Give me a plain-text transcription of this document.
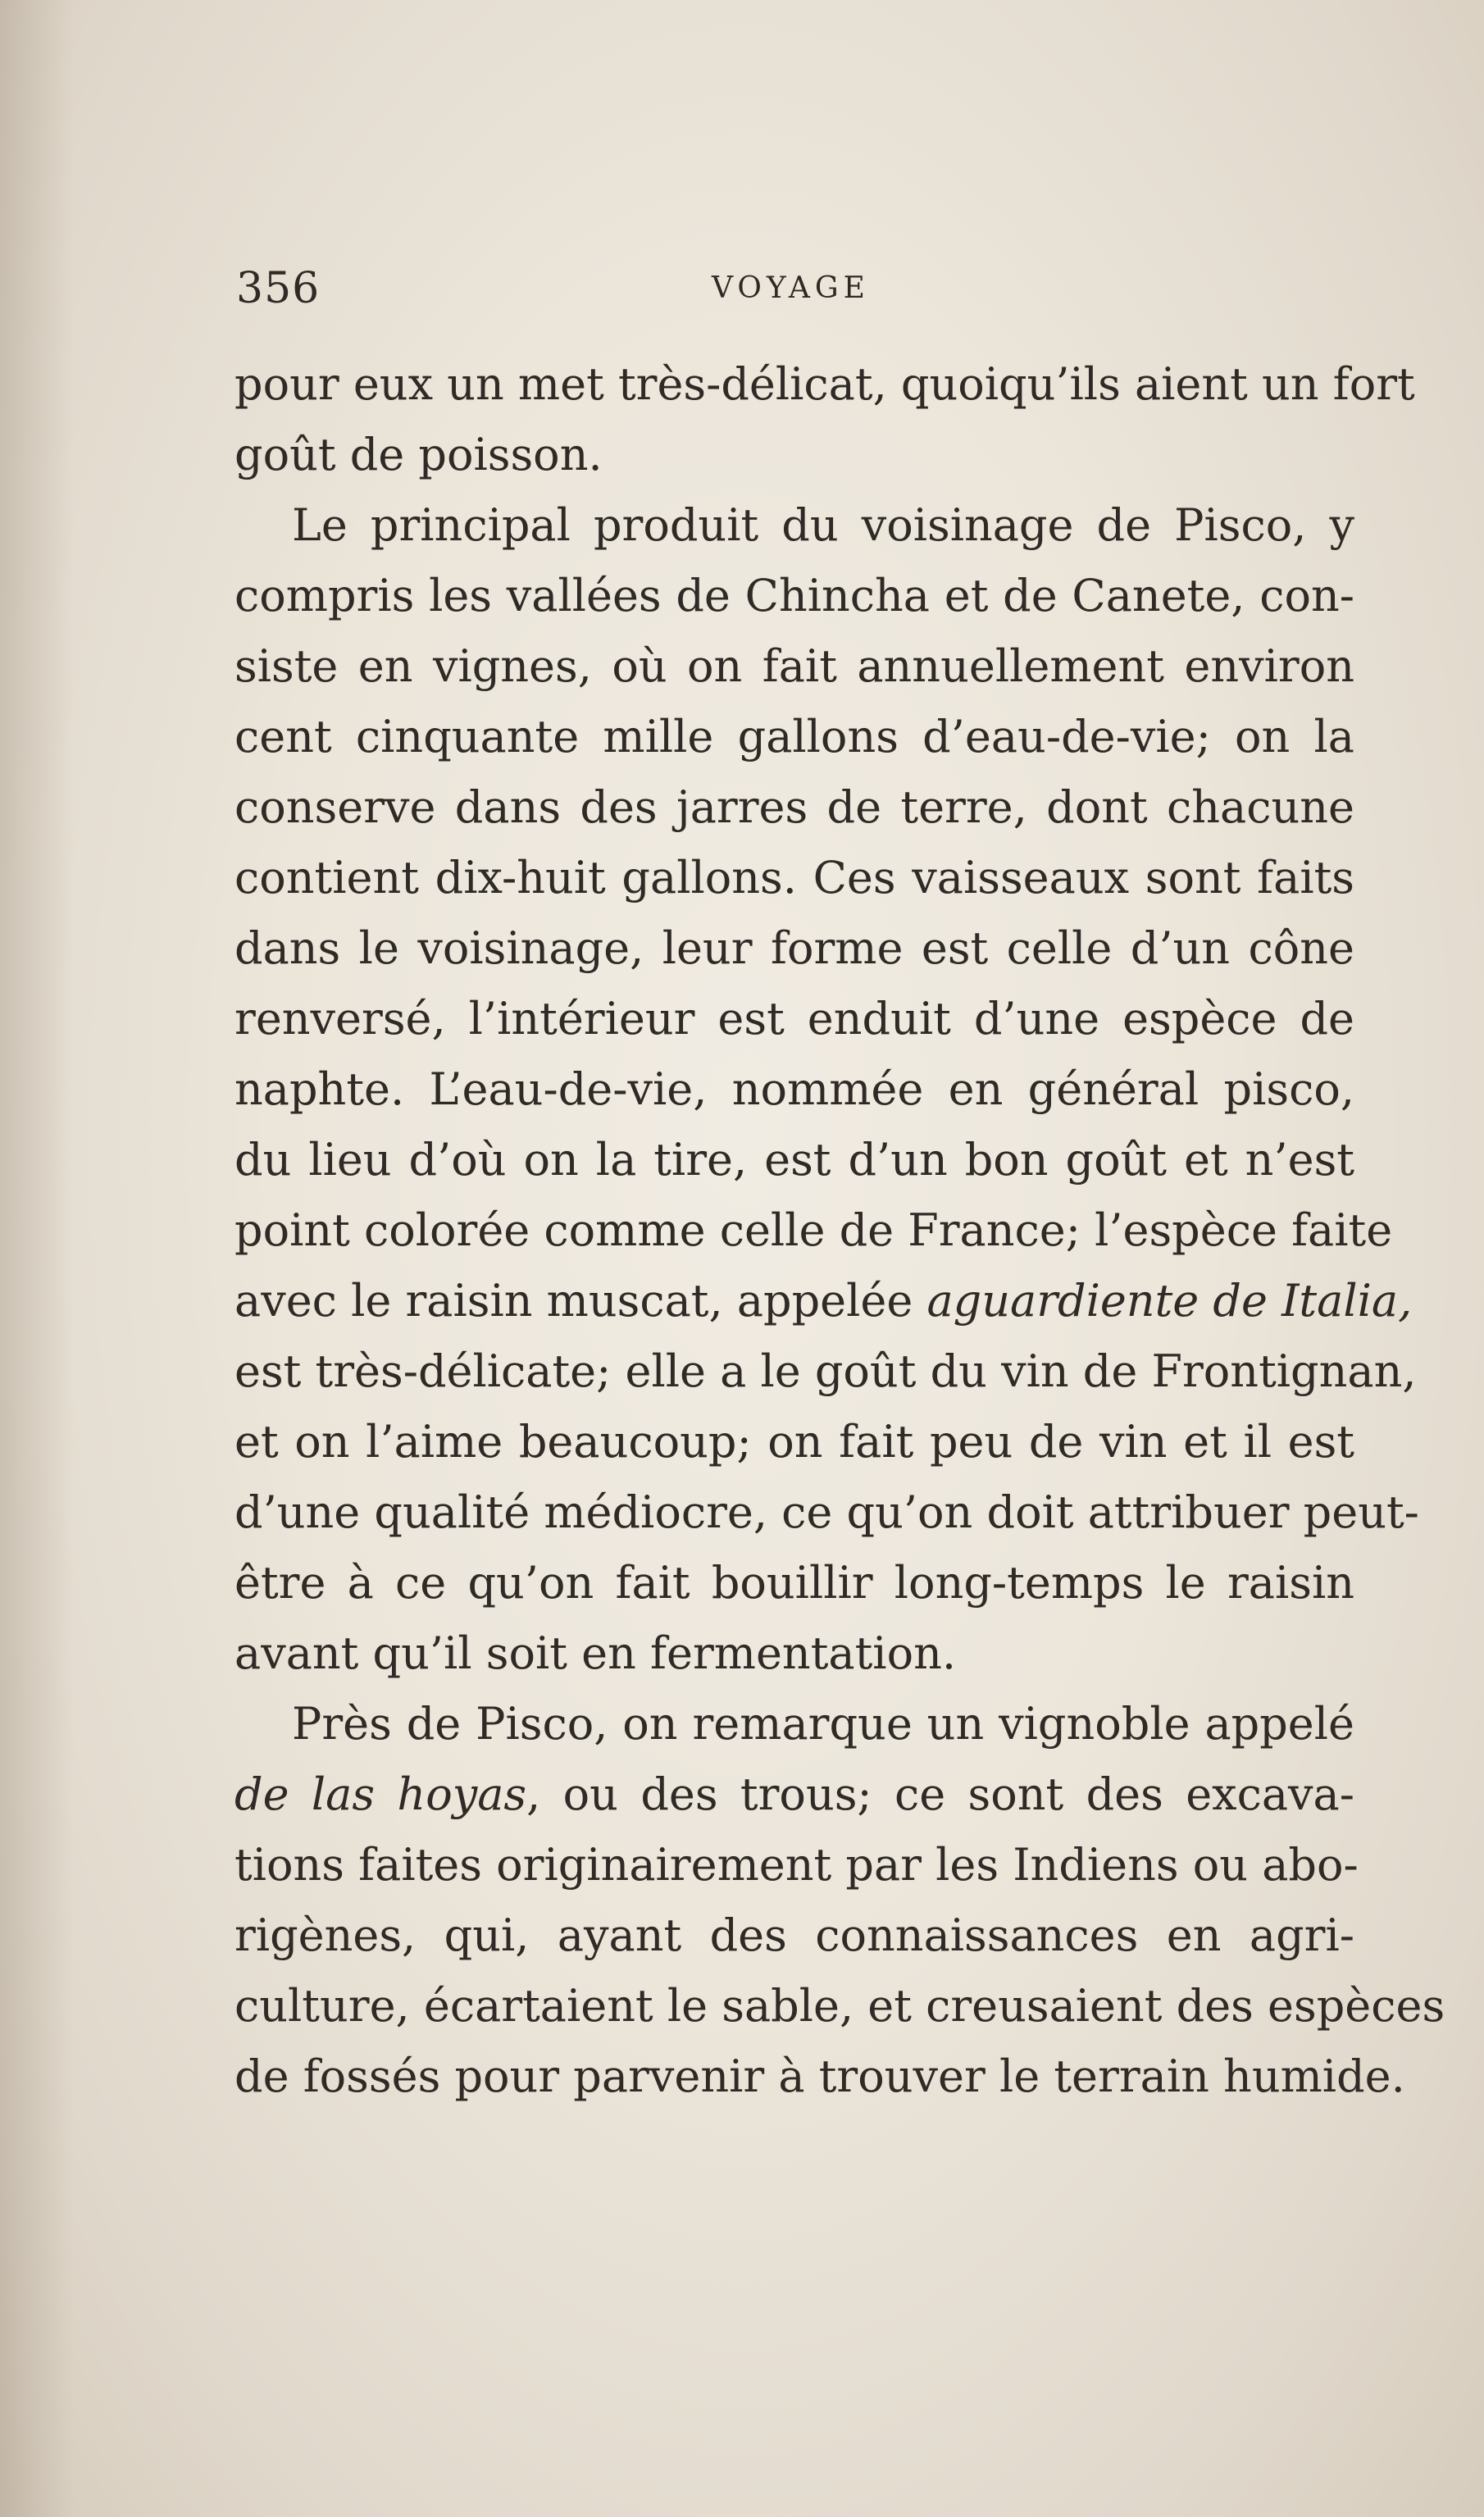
356	VOYAGE
pour eux un met très-délicat, quoiqu’ils aient un fort
goût de poisson.
Le principal produit du voisinage de Pisco, y
compris les vallées de Chincha et de Canete, con-
siste en vignes, où on fait annuellement environ
cent cinquante mille gallons d’eau-de-vie; on la
conserve dans des jarres de terre, dont chacune
contient dix-huit gallons. Ces vaisseaux sont faits
dans le voisinage, leur forme est celle d’un cône
renversé, l’intérieur est enduit d’une espèce de
naphte. L’eau-de-vie, nommée en général pisco,
du lieu d’où on la tire, est d’un bon goût et n’est
point colorée comme celle de France; l’espèce faite
avec le raisin muscat, appelée aguardiente de Italia,
est très-délicate; elle a le goût du vin de Frontignan,
et on l’aime beaucoup; on fait peu de vin et il est
d’une qualité médiocre, ce qu’on doit attribuer peut-
être à ce qu’on fait bouillir long-temps le raisin
avant qu’il soit en fermentation.
Près de Pisco, on remarque un vignoble appelé
de las hoyas, ou des trous; ce sont des excava-
tions faites originairement par les Indiens ou abo-
rigènes, qui, ayant des connaissances en agri-
culture, écartaient le sable, et creusaient des espèces
de fossés pour parvenir à trouver le terrain humide.
